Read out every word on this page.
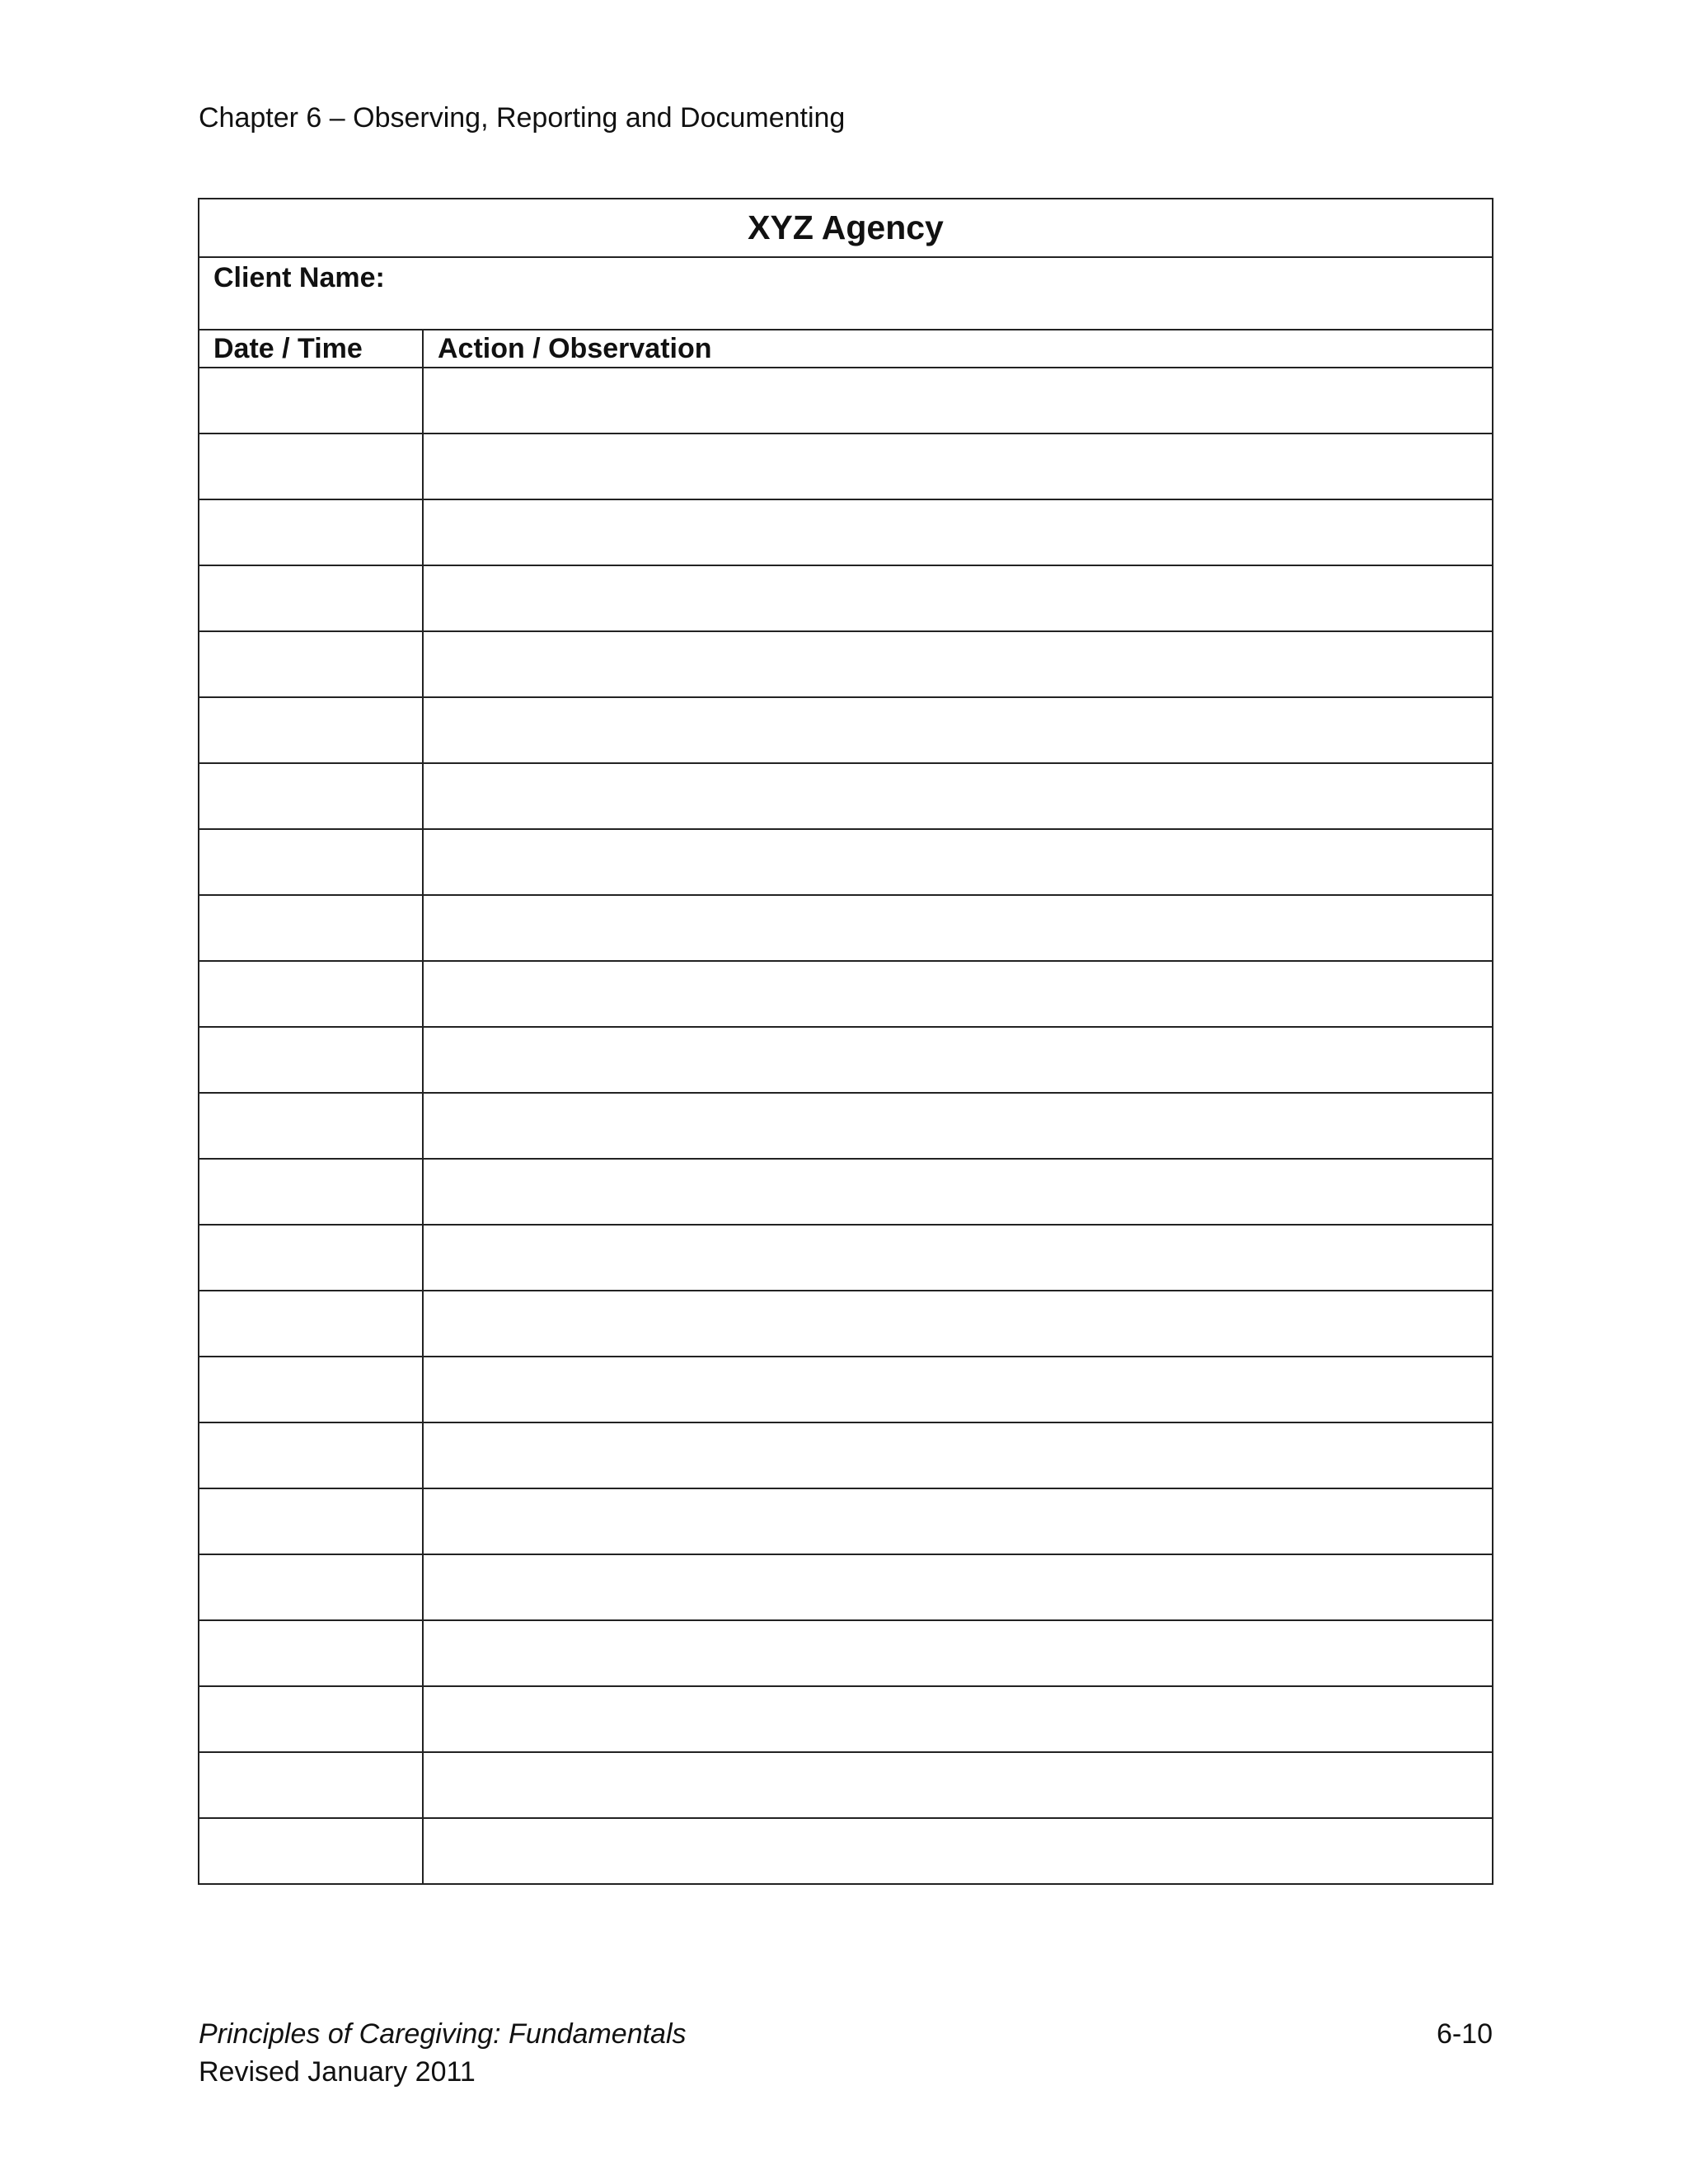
Chapter 6 – Observing, Reporting and Documenting
XYZ Agency	
Client Name:	
Date / Time	Action / Observation

Principles of Caregiving: Fundamentals
Revised January 2011
6-10
